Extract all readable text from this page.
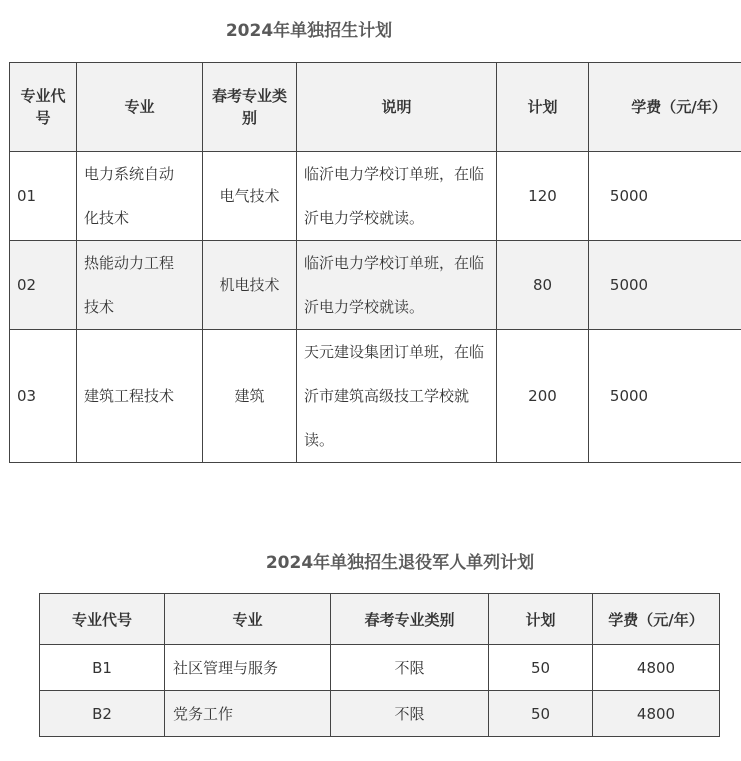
2024年单独招生计划
专业代号	专业	春考专业类别	说明	计划	学费（元/年）
01	电力系统自动化技术	电气技术	临沂电力学校订单班，在临沂电力学校就读。	120	5000
02	热能动力工程技术	机电技术	临沂电力学校订单班，在临沂电力学校就读。	80	5000
03	建筑工程技术	建筑	天元建设集团订单班，在临沂市建筑高级技工学校就读。	200	5000
2024年单独招生退役军人单列计划
专业代号	专业	春考专业类别	计划	学费（元/年）
B1	社区管理与服务	不限	50	4800
B2	党务工作	不限	50	4800
